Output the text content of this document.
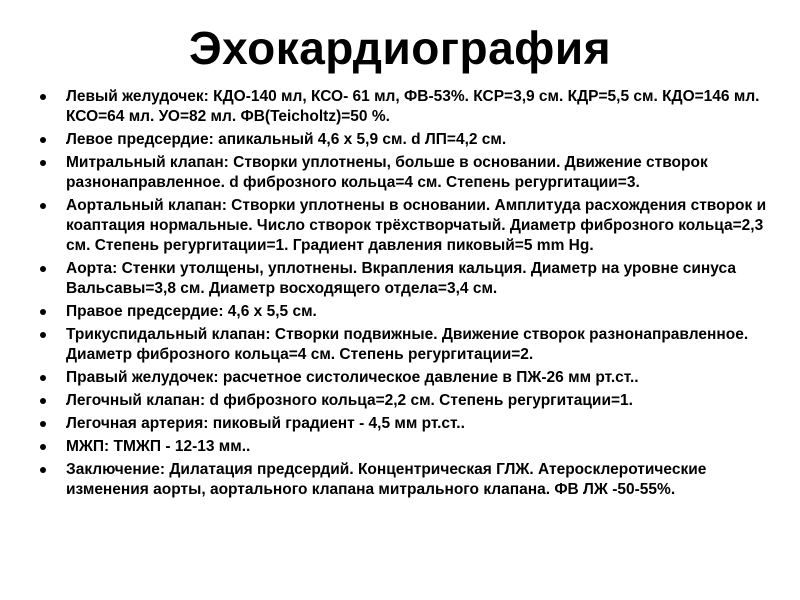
Эхокардиография
Левый желудочек: КДО-140 мл, КСО- 61 мл, ФВ-53%. КСР=3,9 см. КДР=5,5 см. КДО=146 мл. КСО=64 мл. УО=82 мл. ФВ(Teicholtz)=50 %.
Левое предсердие: апикальный 4,6 х 5,9 см. d ЛП=4,2 см.
Митральный клапан: Створки уплотнены, больше в основании. Движение створок разнонаправленное. d фиброзного кольца=4 см. Степень регургитации=3.
Аортальный клапан: Створки уплотнены в основании. Амплитуда расхождения створок и коаптация нормальные. Число створок трёхстворчатый. Диаметр фиброзного кольца=2,3 см. Степень регургитации=1. Градиент давления пиковый=5 mm Hg.
Аорта: Стенки утолщены, уплотнены. Вкрапления кальция. Диаметр на уровне синуса Вальсавы=3,8 см. Диаметр восходящего отдела=3,4 см.
Правое предсердие: 4,6 х 5,5 см.
Трикуспидальный клапан: Створки подвижные. Движение створок разнонаправленное. Диаметр фиброзного кольца=4 см. Степень регургитации=2.
Правый желудочек: расчетное систолическое давление в ПЖ-26 мм рт.ст..
Легочный клапан: d фиброзного кольца=2,2 см. Степень регургитации=1.
Легочная артерия: пиковый градиент - 4,5 мм рт.ст..
МЖП: ТМЖП - 12-13 мм..
Заключение: Дилатация предсердий. Концентрическая ГЛЖ. Атеросклеротические изменения аорты, аортального клапана митрального клапана. ФВ ЛЖ -50-55%.
